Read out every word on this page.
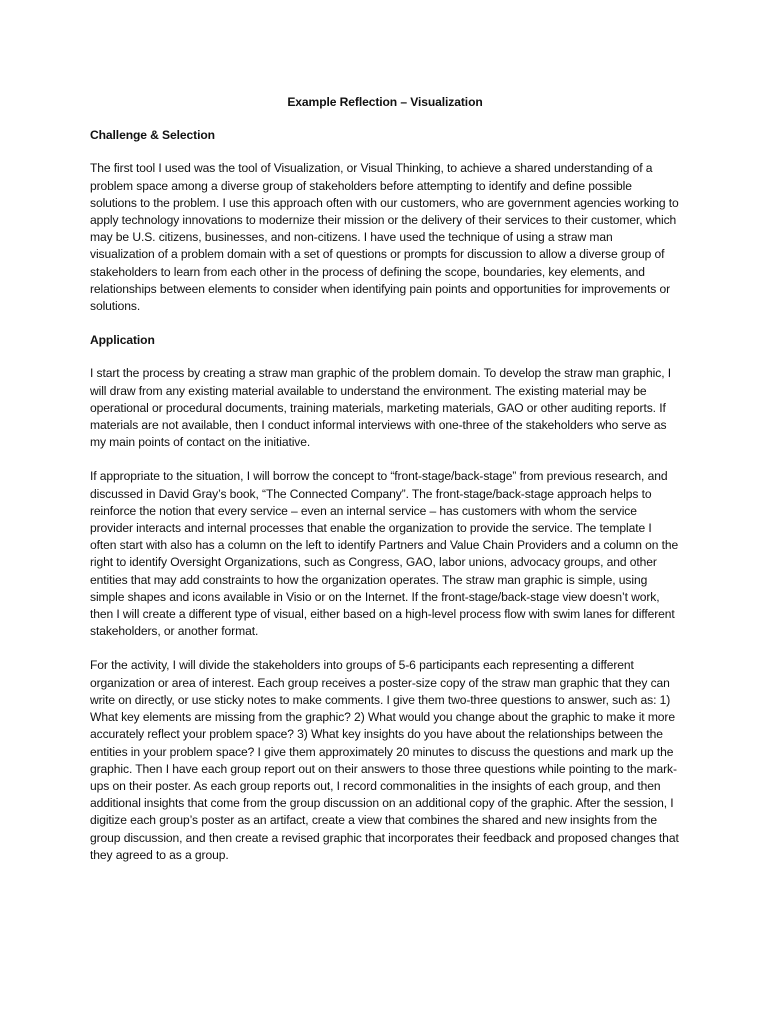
Example Reflection – Visualization
Challenge & Selection

The first tool I used was the tool of Visualization, or Visual Thinking, to achieve a shared understanding of a problem space among a diverse group of stakeholders before attempting to identify and define possible solutions to the problem. I use this approach often with our customers, who are government agencies working to apply technology innovations to modernize their mission or the delivery of their services to their customer, which may be U.S. citizens, businesses, and non-citizens. I have used the technique of using a straw man visualization of a problem domain with a set of questions or prompts for discussion to allow a diverse group of stakeholders to learn from each other in the process of defining the scope, boundaries, key elements, and relationships between elements to consider when identifying pain points and opportunities for improvements or solutions.

Application

I start the process by creating a straw man graphic of the problem domain. To develop the straw man graphic, I will draw from any existing material available to understand the environment. The existing material may be operational or procedural documents, training materials, marketing materials, GAO or other auditing reports. If materials are not available, then I conduct informal interviews with one-three of the stakeholders who serve as my main points of contact on the initiative.

If appropriate to the situation, I will borrow the concept to “front-stage/back-stage” from previous research, and discussed in David Gray’s book, “The Connected Company”. The front-stage/back-stage approach helps to reinforce the notion that every service – even an internal service – has customers with whom the service provider interacts and internal processes that enable the organization to provide the service. The template I often start with also has a column on the left to identify Partners and Value Chain Providers and a column on the right to identify Oversight Organizations, such as Congress, GAO, labor unions, advocacy groups, and other entities that may add constraints to how the organization operates. The straw man graphic is simple, using simple shapes and icons available in Visio or on the Internet. If the front-stage/back-stage view doesn’t work, then I will create a different type of visual, either based on a high-level process flow with swim lanes for different stakeholders, or another format.

For the activity, I will divide the stakeholders into groups of 5-6 participants each representing a different organization or area of interest. Each group receives a poster-size copy of the straw man graphic that they can write on directly, or use sticky notes to make comments. I give them two-three questions to answer, such as: 1) What key elements are missing from the graphic? 2) What would you change about the graphic to make it more accurately reflect your problem space? 3) What key insights do you have about the relationships between the entities in your problem space? I give them approximately 20 minutes to discuss the questions and mark up the graphic. Then I have each group report out on their answers to those three questions while pointing to the mark-ups on their poster. As each group reports out, I record commonalities in the insights of each group, and then additional insights that come from the group discussion on an additional copy of the graphic. After the session, I digitize each group’s poster as an artifact, create a view that combines the shared and new insights from the group discussion, and then create a revised graphic that incorporates their feedback and proposed changes that they agreed to as a group.
